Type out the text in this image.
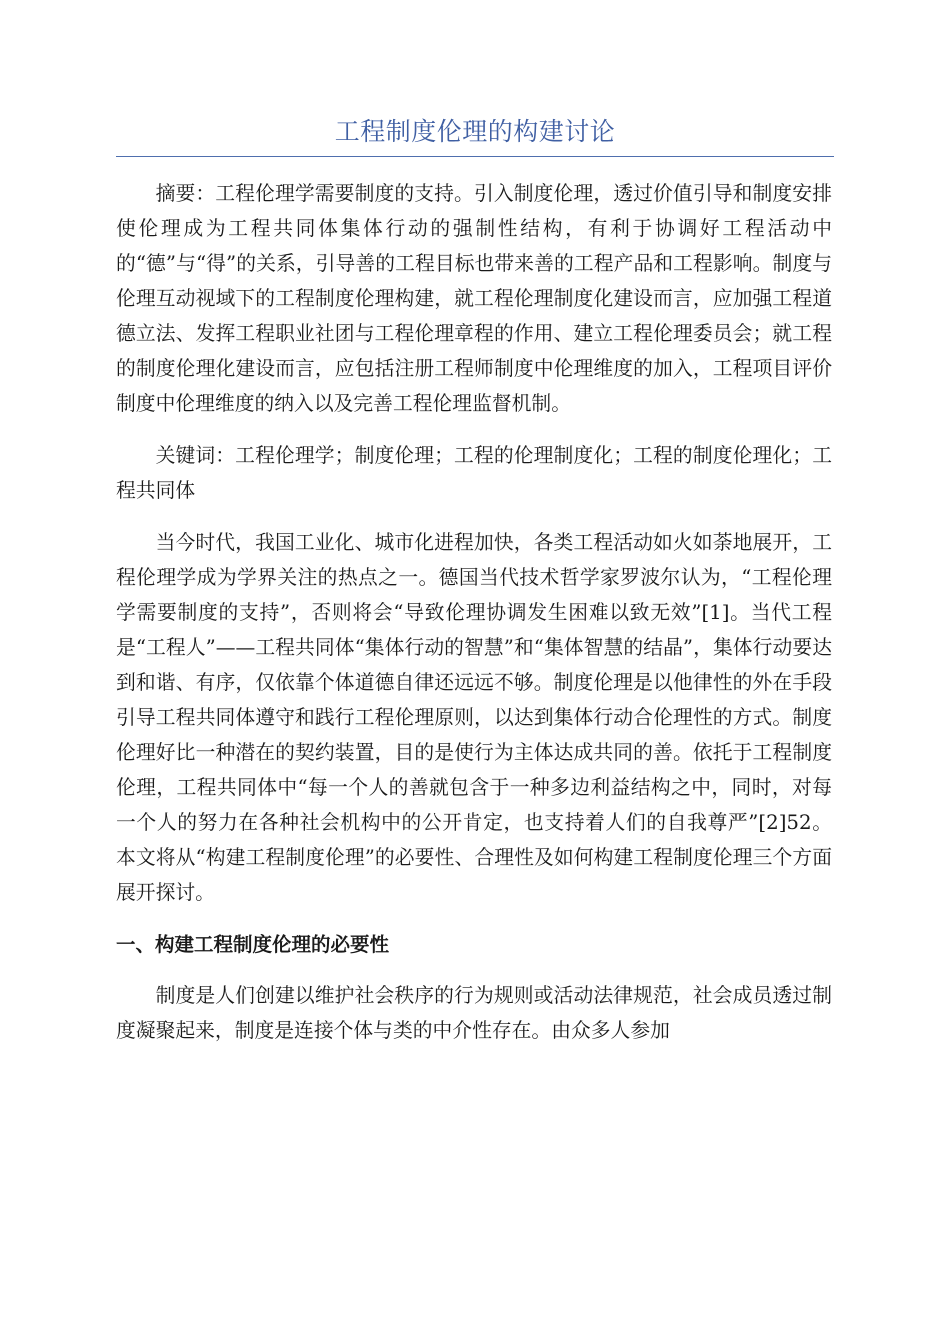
工程制度伦理的构建讨论

摘要：工程伦理学需要制度的支持。引入制度伦理，透过价值引导和制度安排使伦理成为工程共同体集体行动的强制性结构，有利于协调好工程活动中的“德”与“得”的关系，引导善的工程目标也带来善的工程产品和工程影响。制度与伦理互动视域下的工程制度伦理构建，就工程伦理制度化建设而言，应加强工程道德立法、发挥工程职业社团与工程伦理章程的作用、建立工程伦理委员会；就工程的制度伦理化建设而言，应包括注册工程师制度中伦理维度的加入，工程项目评价制度中伦理维度的纳入以及完善工程伦理监督机制。

关键词：工程伦理学；制度伦理；工程的伦理制度化；工程的制度伦理化；工程共同体

当今时代，我国工业化、城市化进程加快，各类工程活动如火如荼地展开，工程伦理学成为学界关注的热点之一。德国当代技术哲学家罗波尔认为，“工程伦理学需要制度的支持”，否则将会“导致伦理协调发生困难以致无效”[1]。当代工程是“工程人”——工程共同体“集体行动的智慧”和“集体智慧的结晶”，集体行动要达到和谐、有序，仅依靠个体道德自律还远远不够。制度伦理是以他律性的外在手段引导工程共同体遵守和践行工程伦理原则，以达到集体行动合伦理性的方式。制度伦理好比一种潜在的契约装置，目的是使行为主体达成共同的善。依托于工程制度伦理，工程共同体中“每一个人的善就包含于一种多边利益结构之中，同时，对每一个人的努力在各种社会机构中的公开肯定，也支持着人们的自我尊严”[2]52。本文将从“构建工程制度伦理”的必要性、合理性及如何构建工程制度伦理三个方面展开探讨。

一、构建工程制度伦理的必要性

制度是人们创建以维护社会秩序的行为规则或活动法律规范，社会成员透过制度凝聚起来，制度是连接个体与类的中介性存在。由众多人参加
